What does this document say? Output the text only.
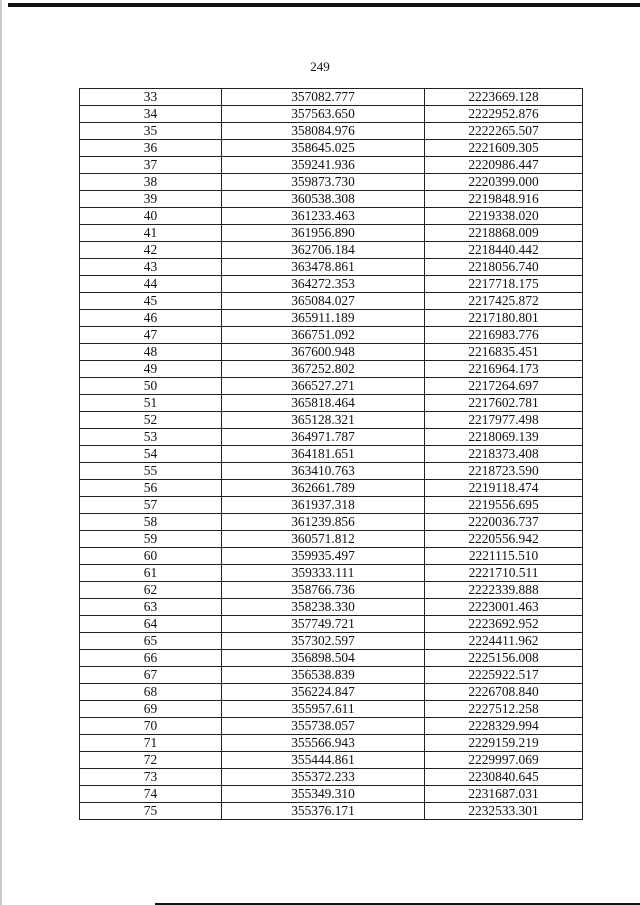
249
33	357082.777	2223669.128
34	357563.650	2222952.876
35	358084.976	2222265.507
36	358645.025	2221609.305
37	359241.936	2220986.447
38	359873.730	2220399.000
39	360538.308	2219848.916
40	361233.463	2219338.020
41	361956.890	2218868.009
42	362706.184	2218440.442
43	363478.861	2218056.740
44	364272.353	2217718.175
45	365084.027	2217425.872
46	365911.189	2217180.801
47	366751.092	2216983.776
48	367600.948	2216835.451
49	367252.802	2216964.173
50	366527.271	2217264.697
51	365818.464	2217602.781
52	365128.321	2217977.498
53	364971.787	2218069.139
54	364181.651	2218373.408
55	363410.763	2218723.590
56	362661.789	2219118.474
57	361937.318	2219556.695
58	361239.856	2220036.737
59	360571.812	2220556.942
60	359935.497	2221115.510
61	359333.111	2221710.511
62	358766.736	2222339.888
63	358238.330	2223001.463
64	357749.721	2223692.952
65	357302.597	2224411.962
66	356898.504	2225156.008
67	356538.839	2225922.517
68	356224.847	2226708.840
69	355957.611	2227512.258
70	355738.057	2228329.994
71	355566.943	2229159.219
72	355444.861	2229997.069
73	355372.233	2230840.645
74	355349.310	2231687.031
75	355376.171	2232533.301
